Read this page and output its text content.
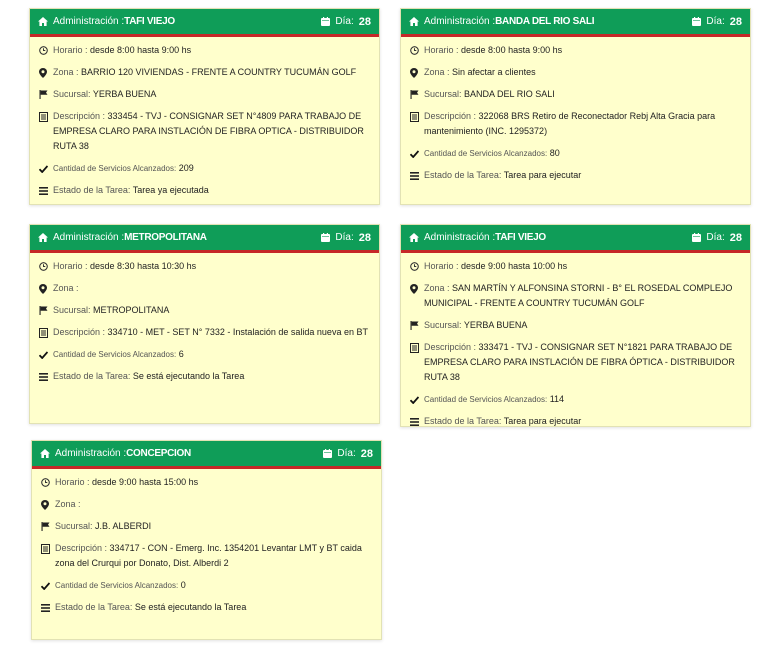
Administración :TAFI VIEJO	Día: 28
Horario : desde 8:00 hasta 9:00 hs
Zona : BARRIO 120 VIVIENDAS - FRENTE A COUNTRY TUCUMÁN GOLF
Sucursal: YERBA BUENA
Descripción : 333454 - TVJ - CONSIGNAR SET N°4809 PARA TRABAJO DE EMPRESA CLARO PARA INSTLACIÓN DE FIBRA OPTICA - DISTRIBUIDOR RUTA 38
Cantidad de Servicios Alcanzados: 209
Estado de la Tarea: Tarea ya ejecutada
Administración :BANDA DEL RIO SALI	Día: 28
Horario : desde 8:00 hasta 9:00 hs
Zona : Sin afectar a clientes
Sucursal: BANDA DEL RIO SALI
Descripción : 322068 BRS Retiro de Reconectador Rebj Alta Gracia para mantenimiento (INC. 1295372)
Cantidad de Servicios Alcanzados: 80
Estado de la Tarea: Tarea para ejecutar
Administración :METROPOLITANA	Día: 28
Horario : desde 8:30 hasta 10:30 hs
Zona :
Sucursal: METROPOLITANA
Descripción : 334710 - MET - SET N° 7332 - Instalación de salida nueva en BT
Cantidad de Servicios Alcanzados: 6
Estado de la Tarea: Se está ejecutando la Tarea
Administración :TAFI VIEJO	Día: 28
Horario : desde 9:00 hasta 10:00 hs
Zona : SAN MARTÍN Y ALFONSINA STORNI - B° EL ROSEDAL COMPLEJO MUNICIPAL - FRENTE A COUNTRY TUCUMÁN GOLF
Sucursal: YERBA BUENA
Descripción : 333471 - TVJ - CONSIGNAR SET N°1821 PARA TRABAJO DE EMPRESA CLARO PARA INSTLACIÓN DE FIBRA ÓPTICA - DISTRIBUIDOR RUTA 38
Cantidad de Servicios Alcanzados: 114
Estado de la Tarea: Tarea para ejecutar
Administración :CONCEPCION	Día: 28
Horario : desde 9:00 hasta 15:00 hs
Zona :
Sucursal: J.B. ALBERDI
Descripción : 334717 - CON - Emerg. Inc. 1354201 Levantar LMT y BT caida zona del Crurqui por Donato, Dist. Alberdi 2
Cantidad de Servicios Alcanzados: 0
Estado de la Tarea: Se está ejecutando la Tarea
